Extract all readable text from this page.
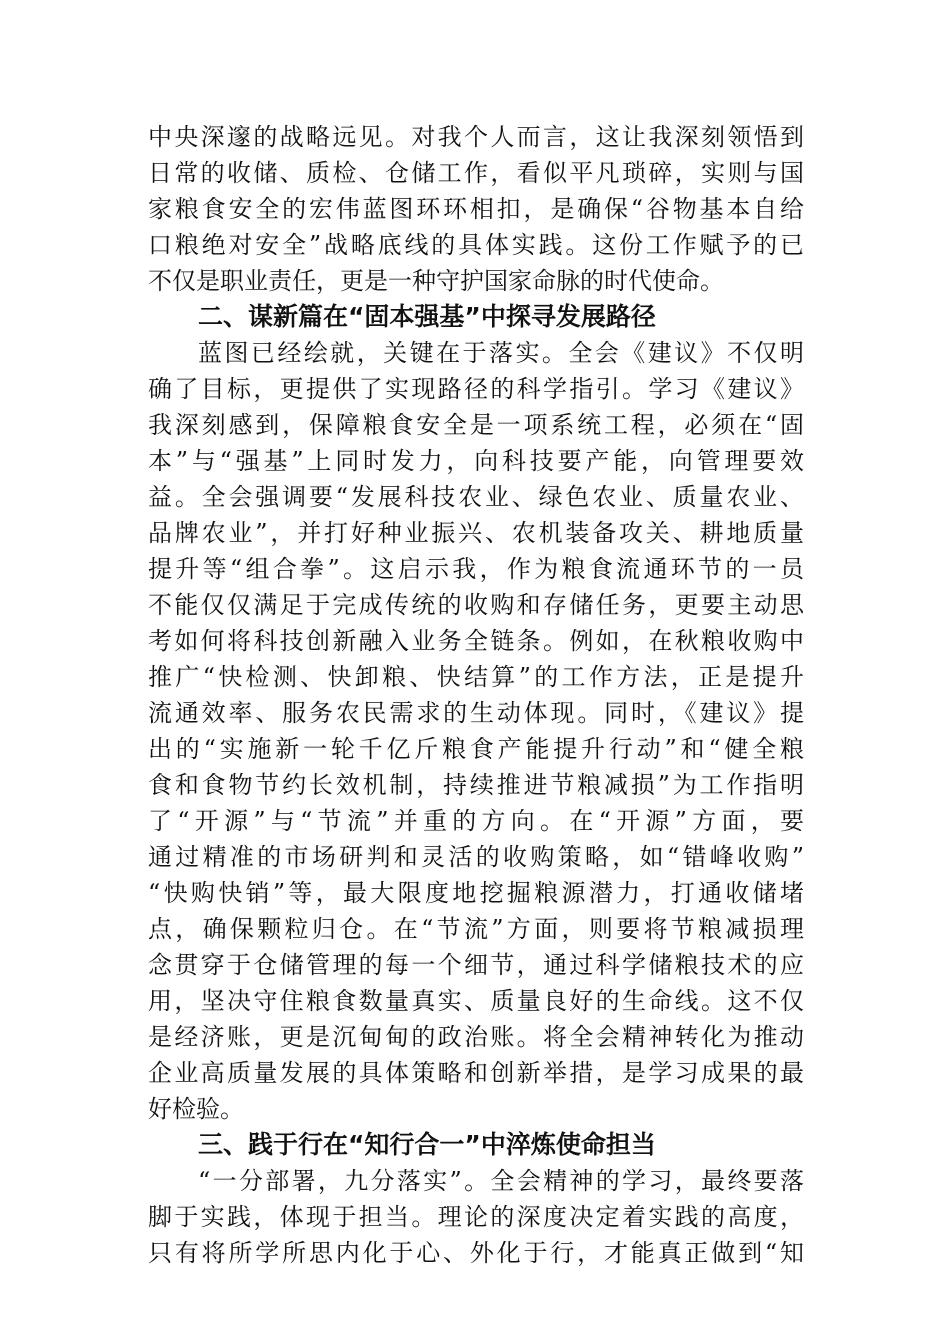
中央深邃的战略远见。对我个人而言，这让我深刻领悟到
日常的收储、质检、仓储工作，看似平凡琐碎，实则与国
家粮食安全的宏伟蓝图环环相扣，是确保“谷物基本自给
口粮绝对安全”战略底线的具体实践。这份工作赋予的已
不仅是职业责任，更是一种守护国家命脉的时代使命。
二、谋新篇在“固本强基”中探寻发展路径
蓝图已经绘就，关键在于落实。全会《建议》不仅明
确了目标，更提供了实现路径的科学指引。学习《建议》
我深刻感到，保障粮食安全是一项系统工程，必须在“固
本”与“强基”上同时发力，向科技要产能，向管理要效
益。全会强调要“发展科技农业、绿色农业、质量农业、
品牌农业”，并打好种业振兴、农机装备攻关、耕地质量
提升等“组合拳”。这启示我，作为粮食流通环节的一员
不能仅仅满足于完成传统的收购和存储任务，更要主动思
考如何将科技创新融入业务全链条。例如，在秋粮收购中
推广“快检测、快卸粮、快结算”的工作方法，正是提升
流通效率、服务农民需求的生动体现。同时，《建议》提
出的“实施新一轮千亿斤粮食产能提升行动”和“健全粮
食和食物节约长效机制，持续推进节粮减损”为工作指明
了“开源”与“节流”并重的方向。在“开源”方面，要
通过精准的市场研判和灵活的收购策略，如“错峰收购”
“快购快销”等，最大限度地挖掘粮源潜力，打通收储堵
点，确保颗粒归仓。在“节流”方面，则要将节粮减损理
念贯穿于仓储管理的每一个细节，通过科学储粮技术的应
用，坚决守住粮食数量真实、质量良好的生命线。这不仅
是经济账，更是沉甸甸的政治账。将全会精神转化为推动
企业高质量发展的具体策略和创新举措，是学习成果的最
好检验。
三、践于行在“知行合一”中淬炼使命担当
“一分部署，九分落实”。全会精神的学习，最终要落
脚于实践，体现于担当。理论的深度决定着实践的高度，
只有将所学所思内化于心、外化于行，才能真正做到“知
